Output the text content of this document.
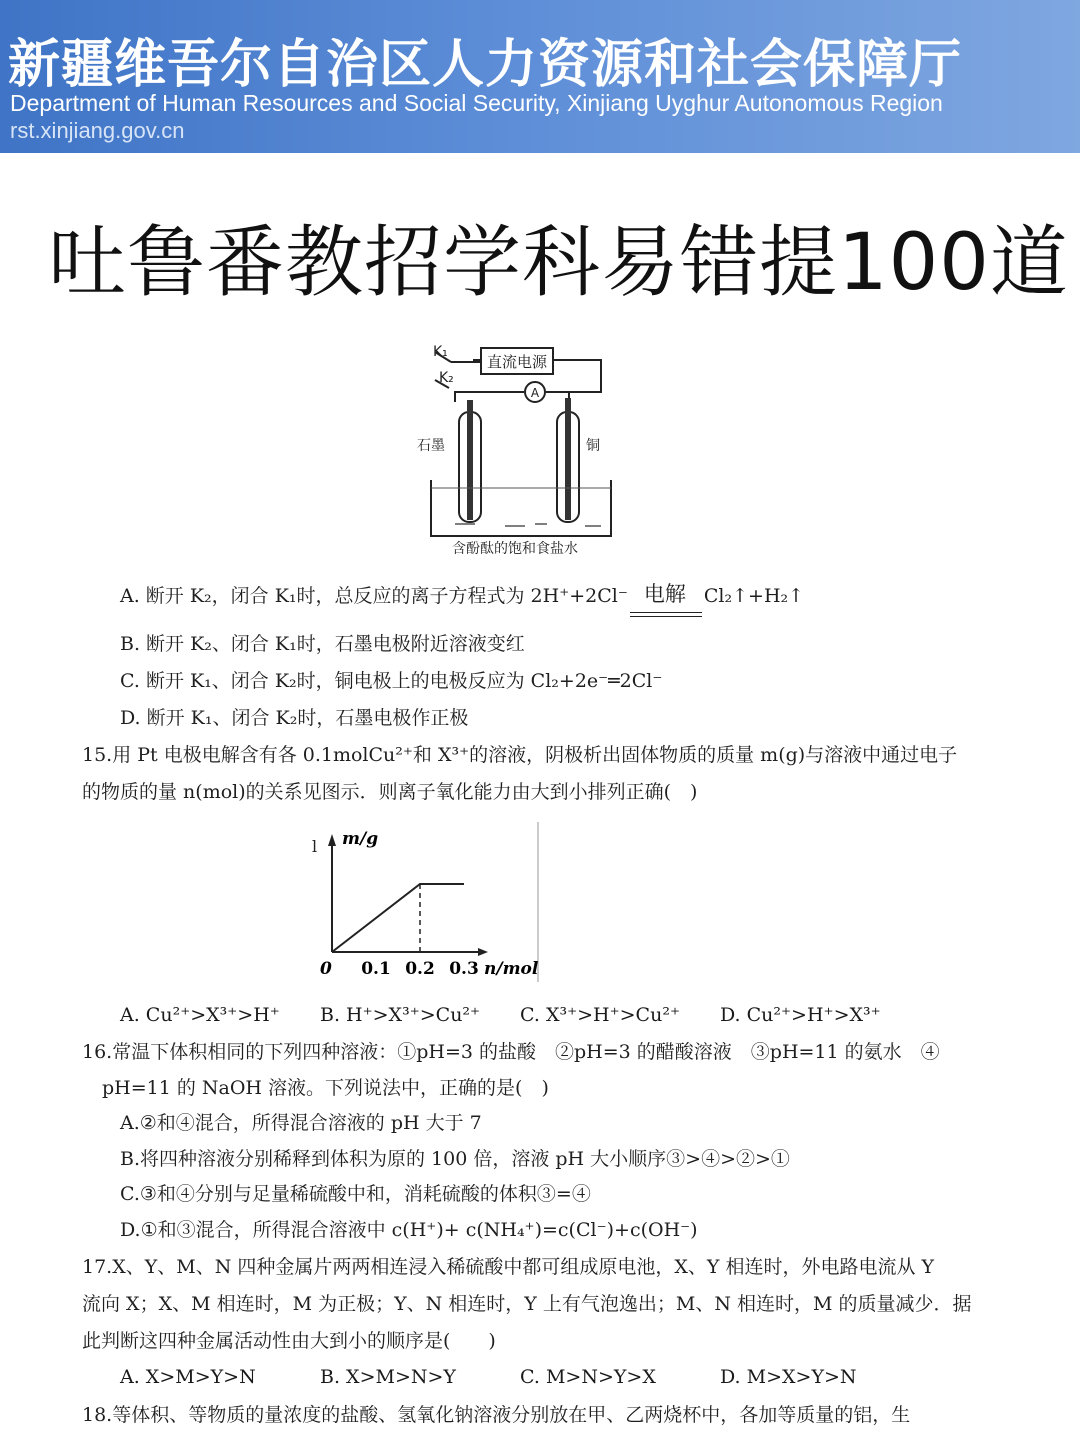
新疆维吾尔自治区人力资源和社会保障厅
Department of Human Resources and Social Security, Xinjiang Uyghur Autonomous Region
rst.xinjiang.gov.cn
吐鲁番教招学科易错提100道
直流电源
A
K₁
K₂
石墨	铜
含酚酞的饱和食盐水
A. 断开 K₂，闭合 K₁时，总反应的离子方程式为 2H⁺+2Cl⁻ 电解 Cl₂↑+H₂↑
B. 断开 K₂、闭合 K₁时，石墨电极附近溶液变红
C. 断开 K₁、闭合 K₂时，铜电极上的电极反应为 Cl₂+2e⁻═2Cl⁻
D. 断开 K₁、闭合 K₂时，石墨电极作正极
15.用 Pt 电极电解含有各 0.1molCu²⁺和 X³⁺的溶液，阴极析出固体物质的质量 m(g)与溶液中通过电子
的物质的量 n(mol)的关系见图示．则离子氧化能力由大到小排列正确(　)
l m/g
n/mol
0 0.1 0.2 0.3
A. Cu²⁺>X³⁺>H⁺ B. H⁺>X³⁺>Cu²⁺ C. X³⁺>H⁺>Cu²⁺ D. Cu²⁺>H⁺>X³⁺
16.常温下体积相同的下列四种溶液：①pH=3 的盐酸　②pH=3 的醋酸溶液　③pH=11 的氨水　④
pH=11 的 NaOH 溶液。下列说法中，正确的是(　)
A.②和④混合，所得混合溶液的 pH 大于 7
B.将四种溶液分别稀释到体积为原的 100 倍，溶液 pH 大小顺序③>④>②>①
C.③和④分别与足量稀硫酸中和，消耗硫酸的体积③=④
D.①和③混合，所得混合溶液中 c(H⁺)+ c(NH₄⁺)=c(Cl⁻)+c(OH⁻)
17.X、Y、M、N 四种金属片两两相连浸入稀硫酸中都可组成原电池，X、Y 相连时，外电路电流从 Y
流向 X；X、M 相连时，M 为正极；Y、N 相连时，Y 上有气泡逸出；M、N 相连时，M 的质量减少．据
此判断这四种金属活动性由大到小的顺序是(　　)
A. X>M>Y>N	B. X>M>N>Y	C. M>N>Y>X	D. M>X>Y>N
18.等体积、等物质的量浓度的盐酸、氢氧化钠溶液分别放在甲、乙两烧杯中，各加等质量的铝，生
